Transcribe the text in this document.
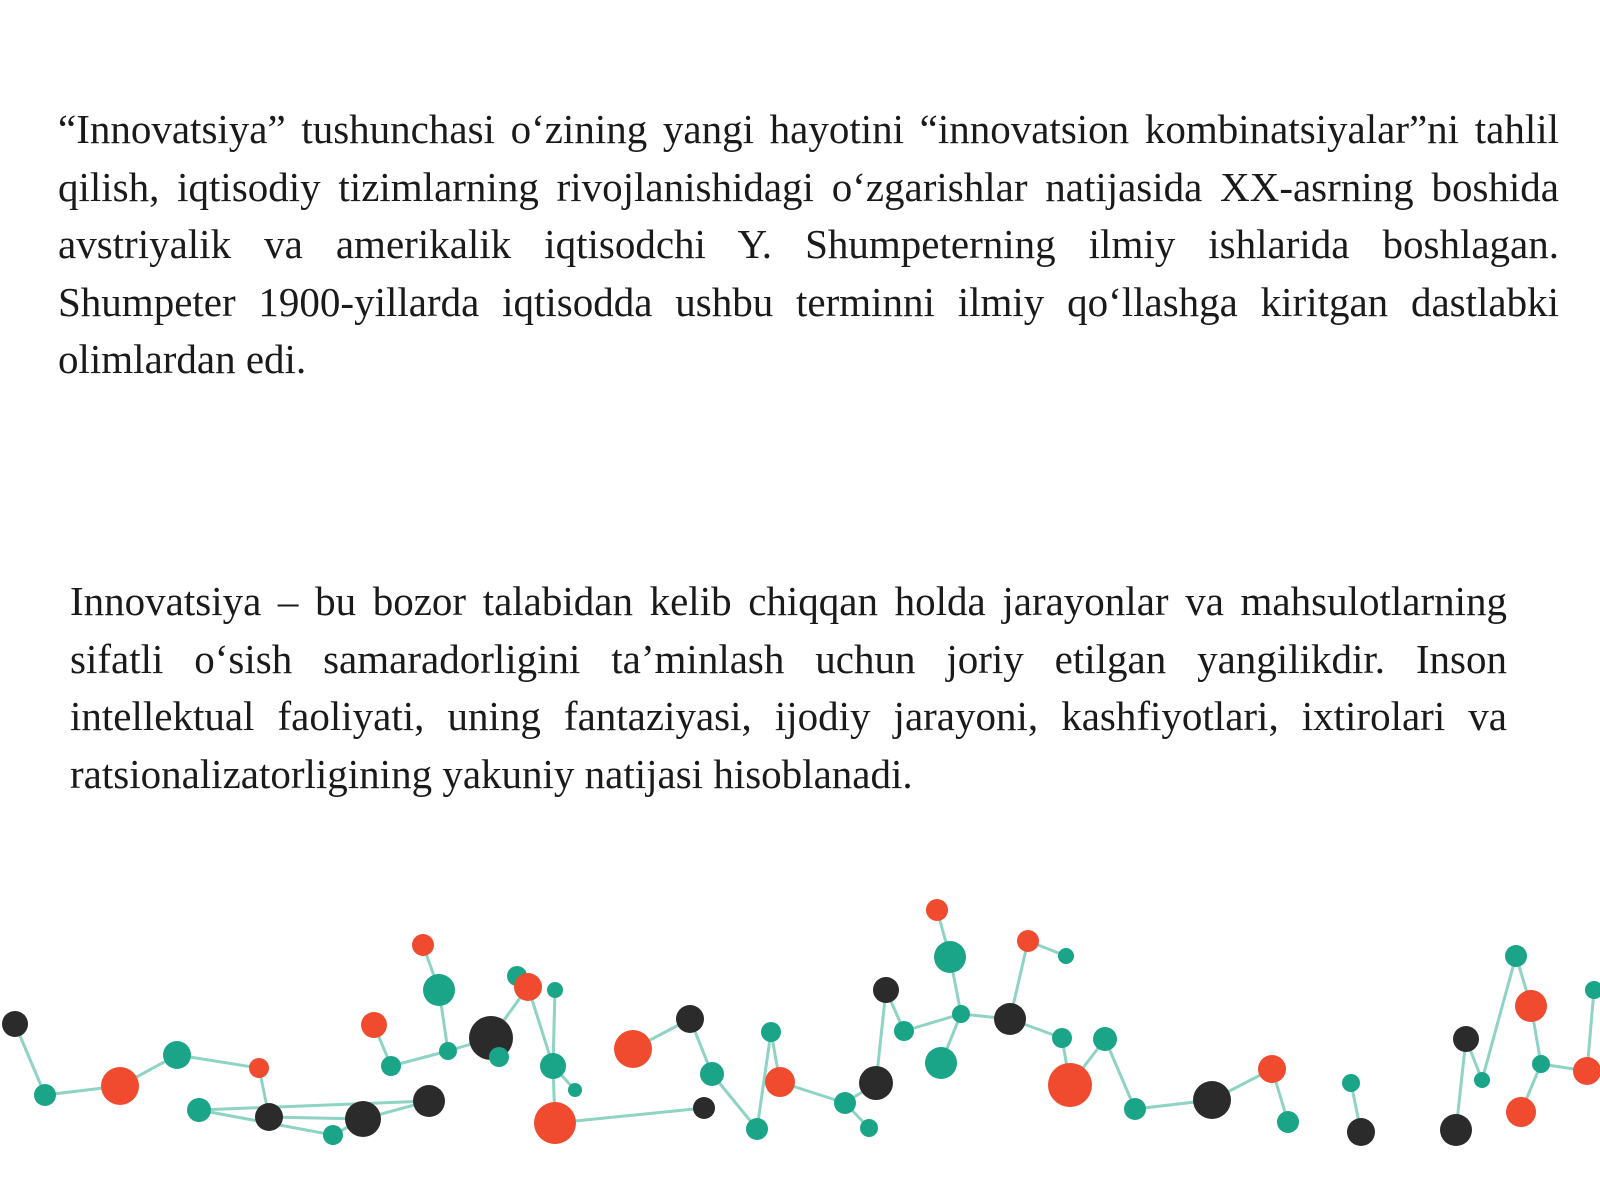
“Innovatsiya” tushunchasi o‘zining yangi hayotini “innovatsion kombinatsiyalar”ni tahlil qilish, iqtisodiy tizimlarning rivojlanishidagi o‘zgarishlar natijasida XX-asrning boshida avstriyalik va amerikalik iqtisodchi Y. Shumpeterning ilmiy ishlarida boshlagan. Shumpeter 1900-yillarda iqtisodda ushbu terminni ilmiy qo‘llashga kiritgan dastlabki olimlardan edi.

Innovatsiya – bu bozor talabidan kelib chiqqan holda jarayonlar va mahsulotlarning sifatli o‘sish samaradorligini ta’minlash uchun joriy etilgan yangilikdir. Inson intellektual faoliyati, uning fantaziyasi, ijodiy jarayoni, kashfiyotlari, ixtirolari va ratsionalizatorligining yakuniy natijasi hisoblanadi.
